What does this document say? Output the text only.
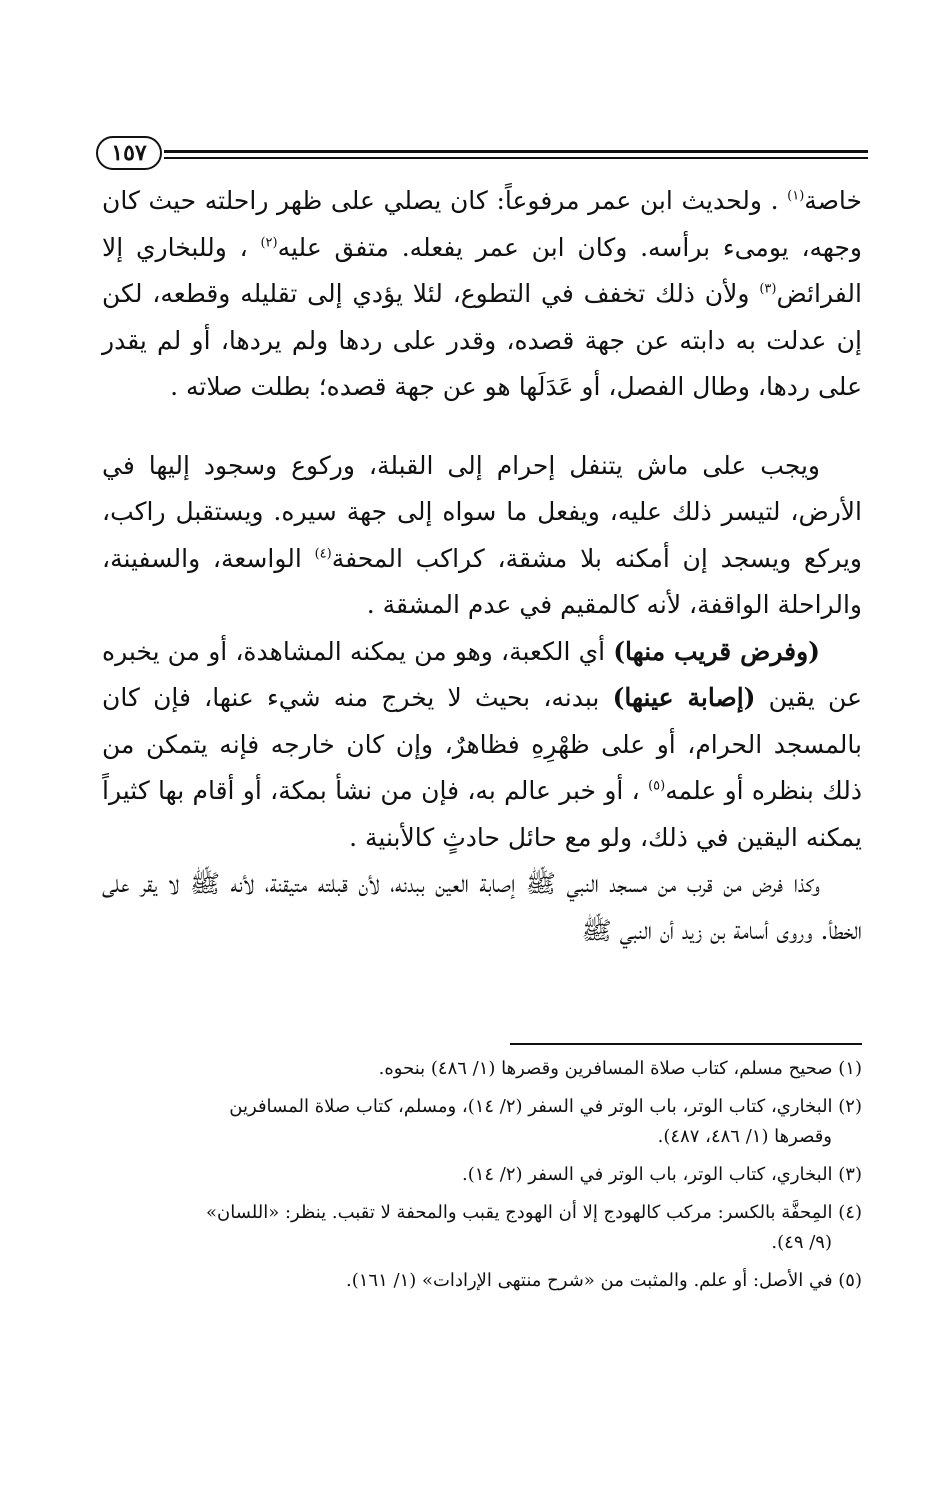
١٥٧

خاصة$^{(١)}$ . ولحديث ابن عمر مرفوعاً: كان يصلي على ظهر راحلته حيث كان وجهه، يومىء برأسه. وكان ابن عمر يفعله. متفق عليه$^{(٢)}$ ، وللبخاري إلا الفرائض$^{(٣)}$ ولأن ذلك تخفف في التطوع، لئلا يؤدي إلى تقليله وقطعه، لكن إن عدلت به دابته عن جهة قصده، وقدر على ردها ولم يردها، أو لم يقدر على ردها، وطال الفصل، أو عَدَلَها هو عن جهة قصده؛ بطلت صلاته .

ويجب على ماش يتنفل إحرام إلى القبلة، وركوع وسجود إليها في الأرض، لتيسر ذلك عليه، ويفعل ما سواه إلى جهة سيره. ويستقبل راكب، ويركع ويسجد إن أمكنه بلا مشقة، كراكب المحفة$^{(٤)}$ الواسعة، والسفينة، والراحلة الواقفة، لأنه كالمقيم في عدم المشقة .

(وفرض قريب منها) أي الكعبة، وهو من يمكنه المشاهدة، أو من يخبره عن يقين (إصابة عينها) ببدنه، بحيث لا يخرج منه شيء عنها، فإن كان بالمسجد الحرام، أو على ظهْرِهِ فظاهرٌ، وإن كان خارجه فإنه يتمكن من ذلك بنظره أو علمه$^{(٥)}$ ، أو خبر عالم به، فإن من نشأ بمكة، أو أقام بها كثيراً يمكنه اليقين في ذلك، ولو مع حائل حادثٍ كالأبنية .

وكذا فرض من قرب من مسجد النبي ﷺ إصابة العين ببدنه، لأن قبلته متيقنة، لأنه ﷺ لا يقر على الخطأ. وروى أسامة بن زيد أن النبي ﷺ

(١) صحيح مسلم، كتاب صلاة المسافرين وقصرها (١/ ٤٨٦) بنحوه.

(٢) البخاري، كتاب الوتر، باب الوتر في السفر (٢/ ١٤)، ومسلم، كتاب صلاة المسافرين
وقصرها (١/ ٤٨٦، ٤٨٧).

(٣) البخاري، كتاب الوتر، باب الوتر في السفر (٢/ ١٤).

(٤) المِحفَّة بالكسر: مركب كالهودج إلا أن الهودج يقبب والمحفة لا تقبب. ينظر: «اللسان»
(٩/ ٤٩).

(٥) في الأصل: أو علم. والمثبت من «شرح منتهى الإرادات» (١/ ١٦١).
